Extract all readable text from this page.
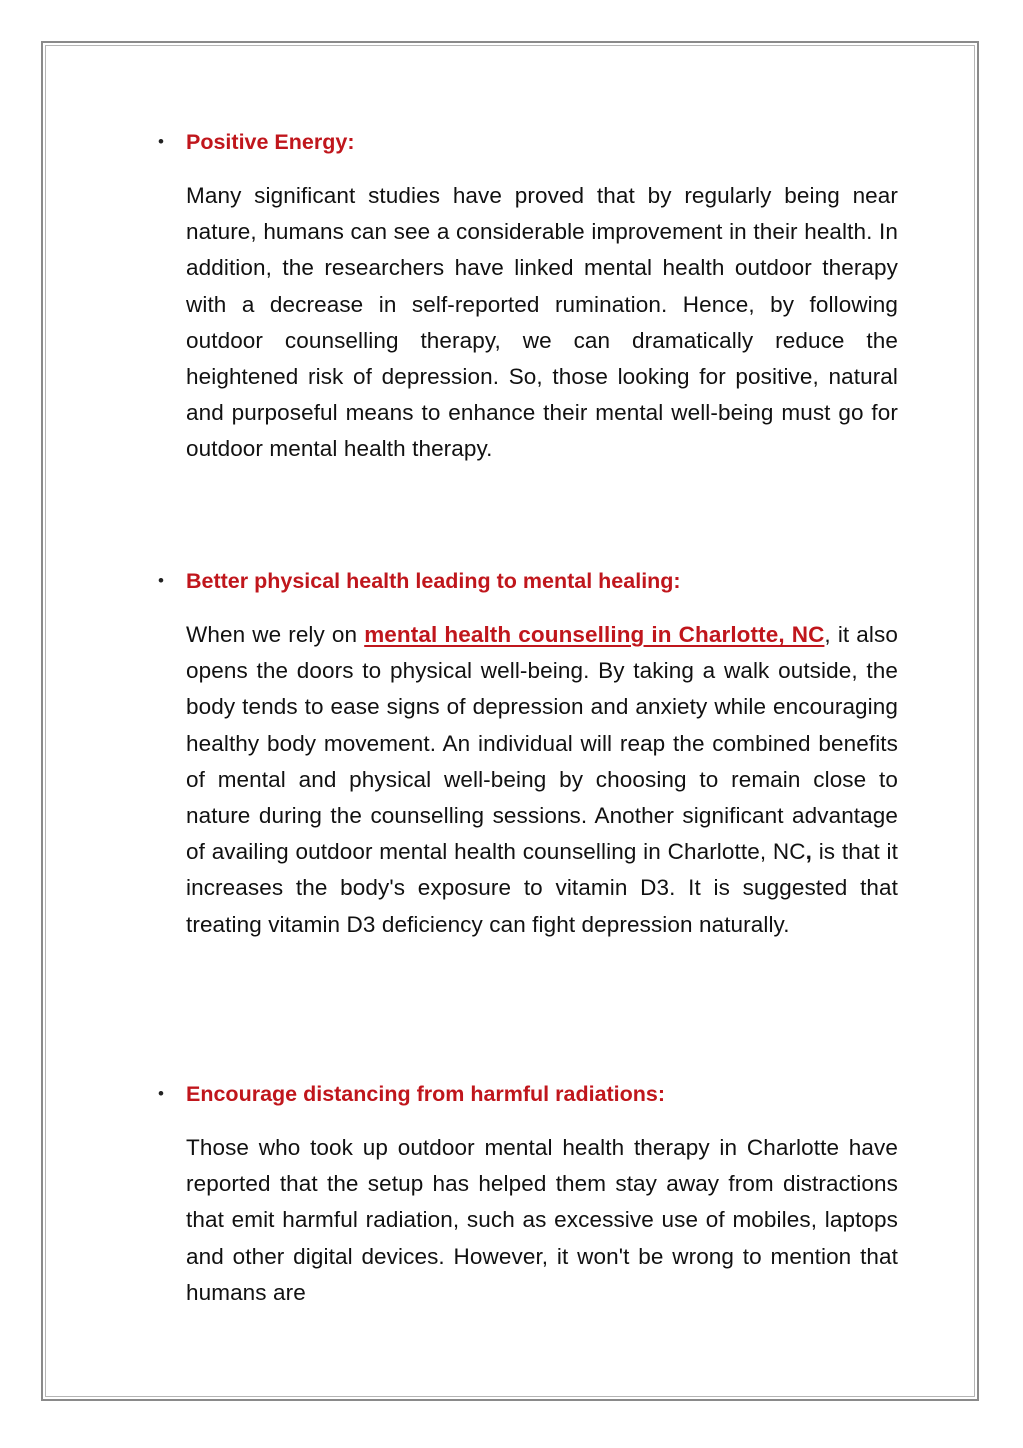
• Positive Energy:

Many significant studies have proved that by regularly being near nature, humans can see a considerable improvement in their health. In addition, the researchers have linked mental health outdoor therapy with a decrease in self-reported rumination. Hence, by following outdoor counselling therapy, we can dramatically reduce the heightened risk of depression. So, those looking for positive, natural and purposeful means to enhance their mental well-being must go for outdoor mental health therapy.

• Better physical health leading to mental healing:

When we rely on mental health counselling in Charlotte, NC, it also opens the doors to physical well-being. By taking a walk outside, the body tends to ease signs of depression and anxiety while encouraging healthy body movement. An individual will reap the combined benefits of mental and physical well-being by choosing to remain close to nature during the counselling sessions. Another significant advantage of availing outdoor mental health counselling in Charlotte, NC, is that it increases the body's exposure to vitamin D3. It is suggested that treating vitamin D3 deficiency can fight depression naturally.

• Encourage distancing from harmful radiations:

Those who took up outdoor mental health therapy in Charlotte have reported that the setup has helped them stay away from distractions that emit harmful radiation, such as excessive use of mobiles, laptops and other digital devices. However, it won't be wrong to mention that humans are
